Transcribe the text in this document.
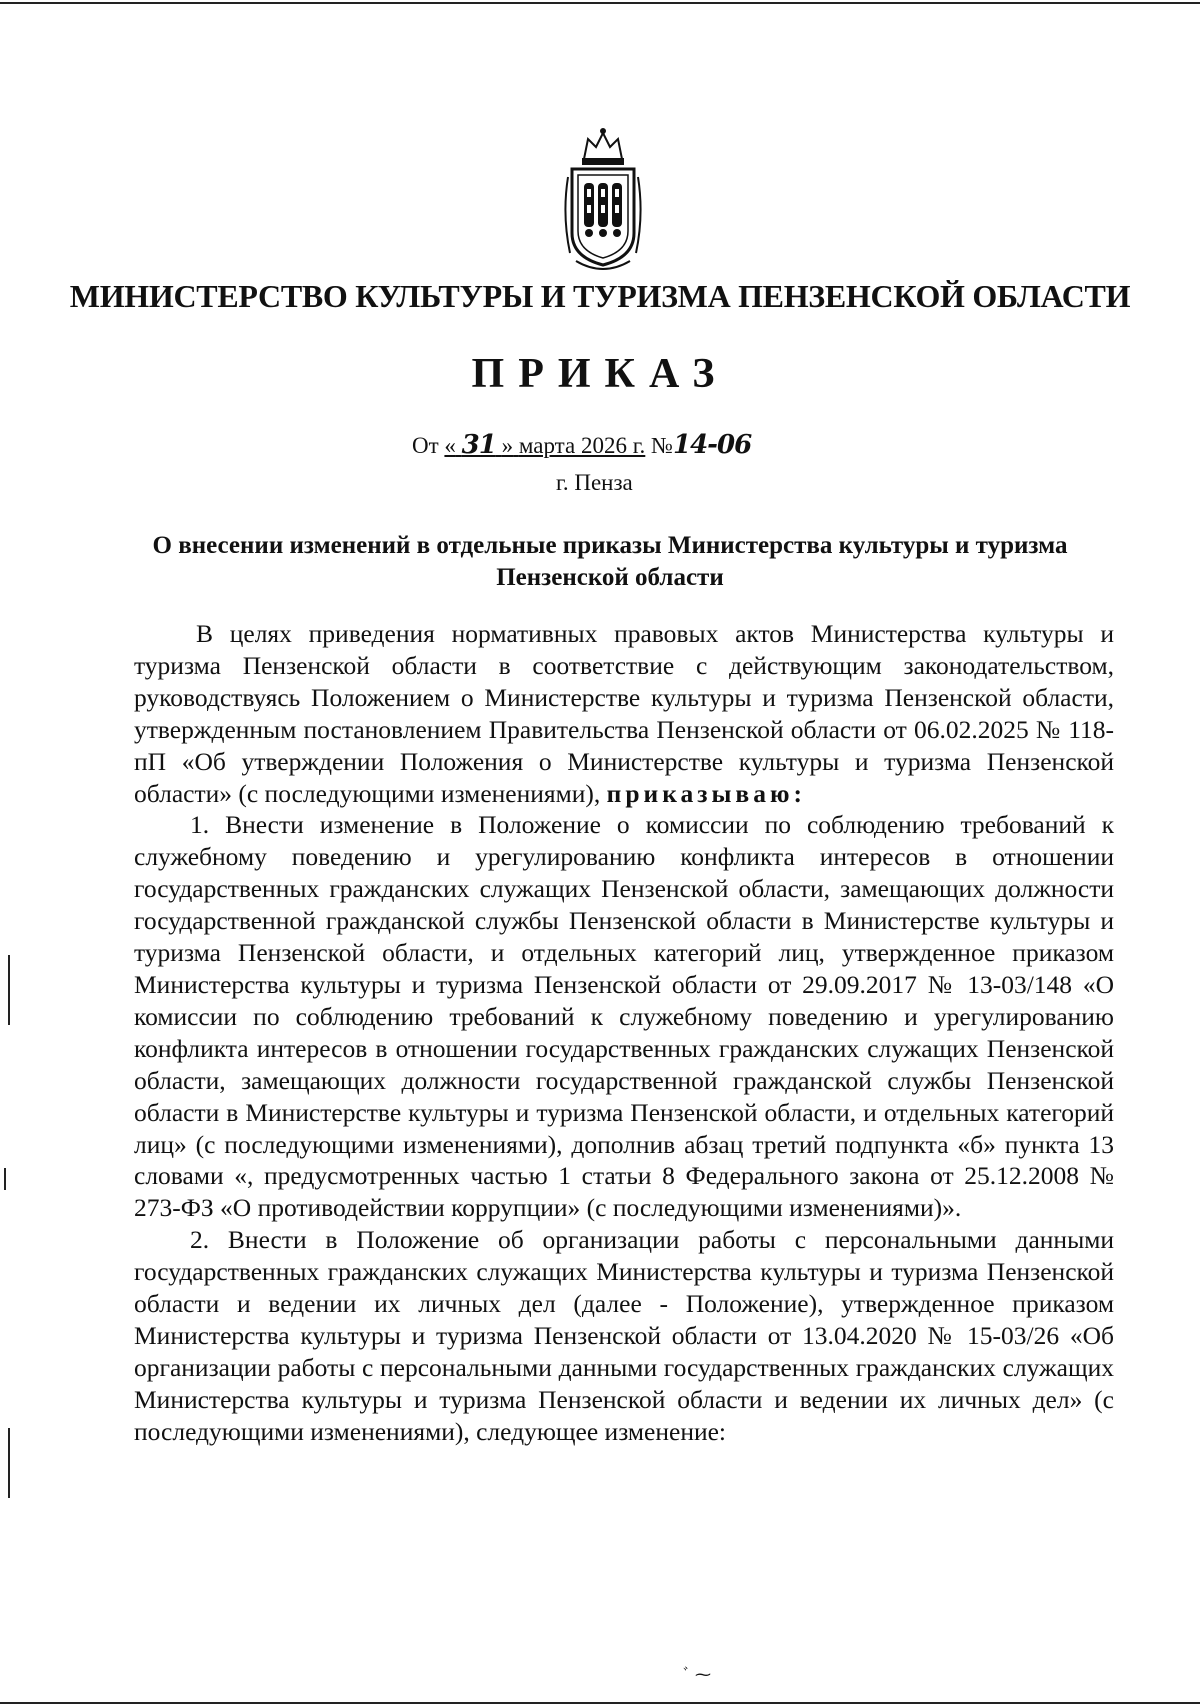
МИНИСТЕРСТВО КУЛЬТУРЫ И ТУРИЗМА ПЕНЗЕНСКОЙ ОБЛАСТИ
ПРИКАЗ
От « 31 » марта 2026 г. №14-06
г. Пенза
О внесении изменений в отдельные приказы Министерства культуры и туризма Пензенской области

В целях приведения нормативных правовых актов Министерства культуры и туризма Пензенской области в соответствие с действующим законодательством, руководствуясь Положением о Министерстве культуры и туризма Пензенской области, утвержденным постановлением Правительства Пензенской области от 06.02.2025 № 118-пП «Об утверждении Положения о Министерстве культуры и туризма Пензенской области» (с последующими изменениями), приказываю:

1. Внести изменение в Положение о комиссии по соблюдению требований к служебному поведению и урегулированию конфликта интересов в отношении государственных гражданских служащих Пензенской области, замещающих должности государственной гражданской службы Пензенской области в Министерстве культуры и туризма Пензенской области, и отдельных категорий лиц, утвержденное приказом Министерства культуры и туризма Пензенской области от 29.09.2017 № 13-03/148 «О комиссии по соблюдению требований к служебному поведению и урегулированию конфликта интересов в отношении государственных гражданских служащих Пензенской области, замещающих должности государственной гражданской службы Пензенской области в Министерстве культуры и туризма Пензенской области, и отдельных категорий лиц» (с последующими изменениями), дополнив абзац третий подпункта «б» пункта 13 словами «, предусмотренных частью 1 статьи 8 Федерального закона от 25.12.2008 № 273-ФЗ «О противодействии коррупции» (с последующими изменениями)».

2. Внести в Положение об организации работы с персональными данными государственных гражданских служащих Министерства культуры и туризма Пензенской области и ведении их личных дел (далее - Положение), утвержденное приказом Министерства культуры и туризма Пензенской области от 13.04.2020 № 15-03/26 «Об организации работы с персональными данными государственных гражданских служащих Министерства культуры и туризма Пензенской области и ведении их личных дел» (с последующими изменениями), следующее изменение:

ﾞ ⁓
